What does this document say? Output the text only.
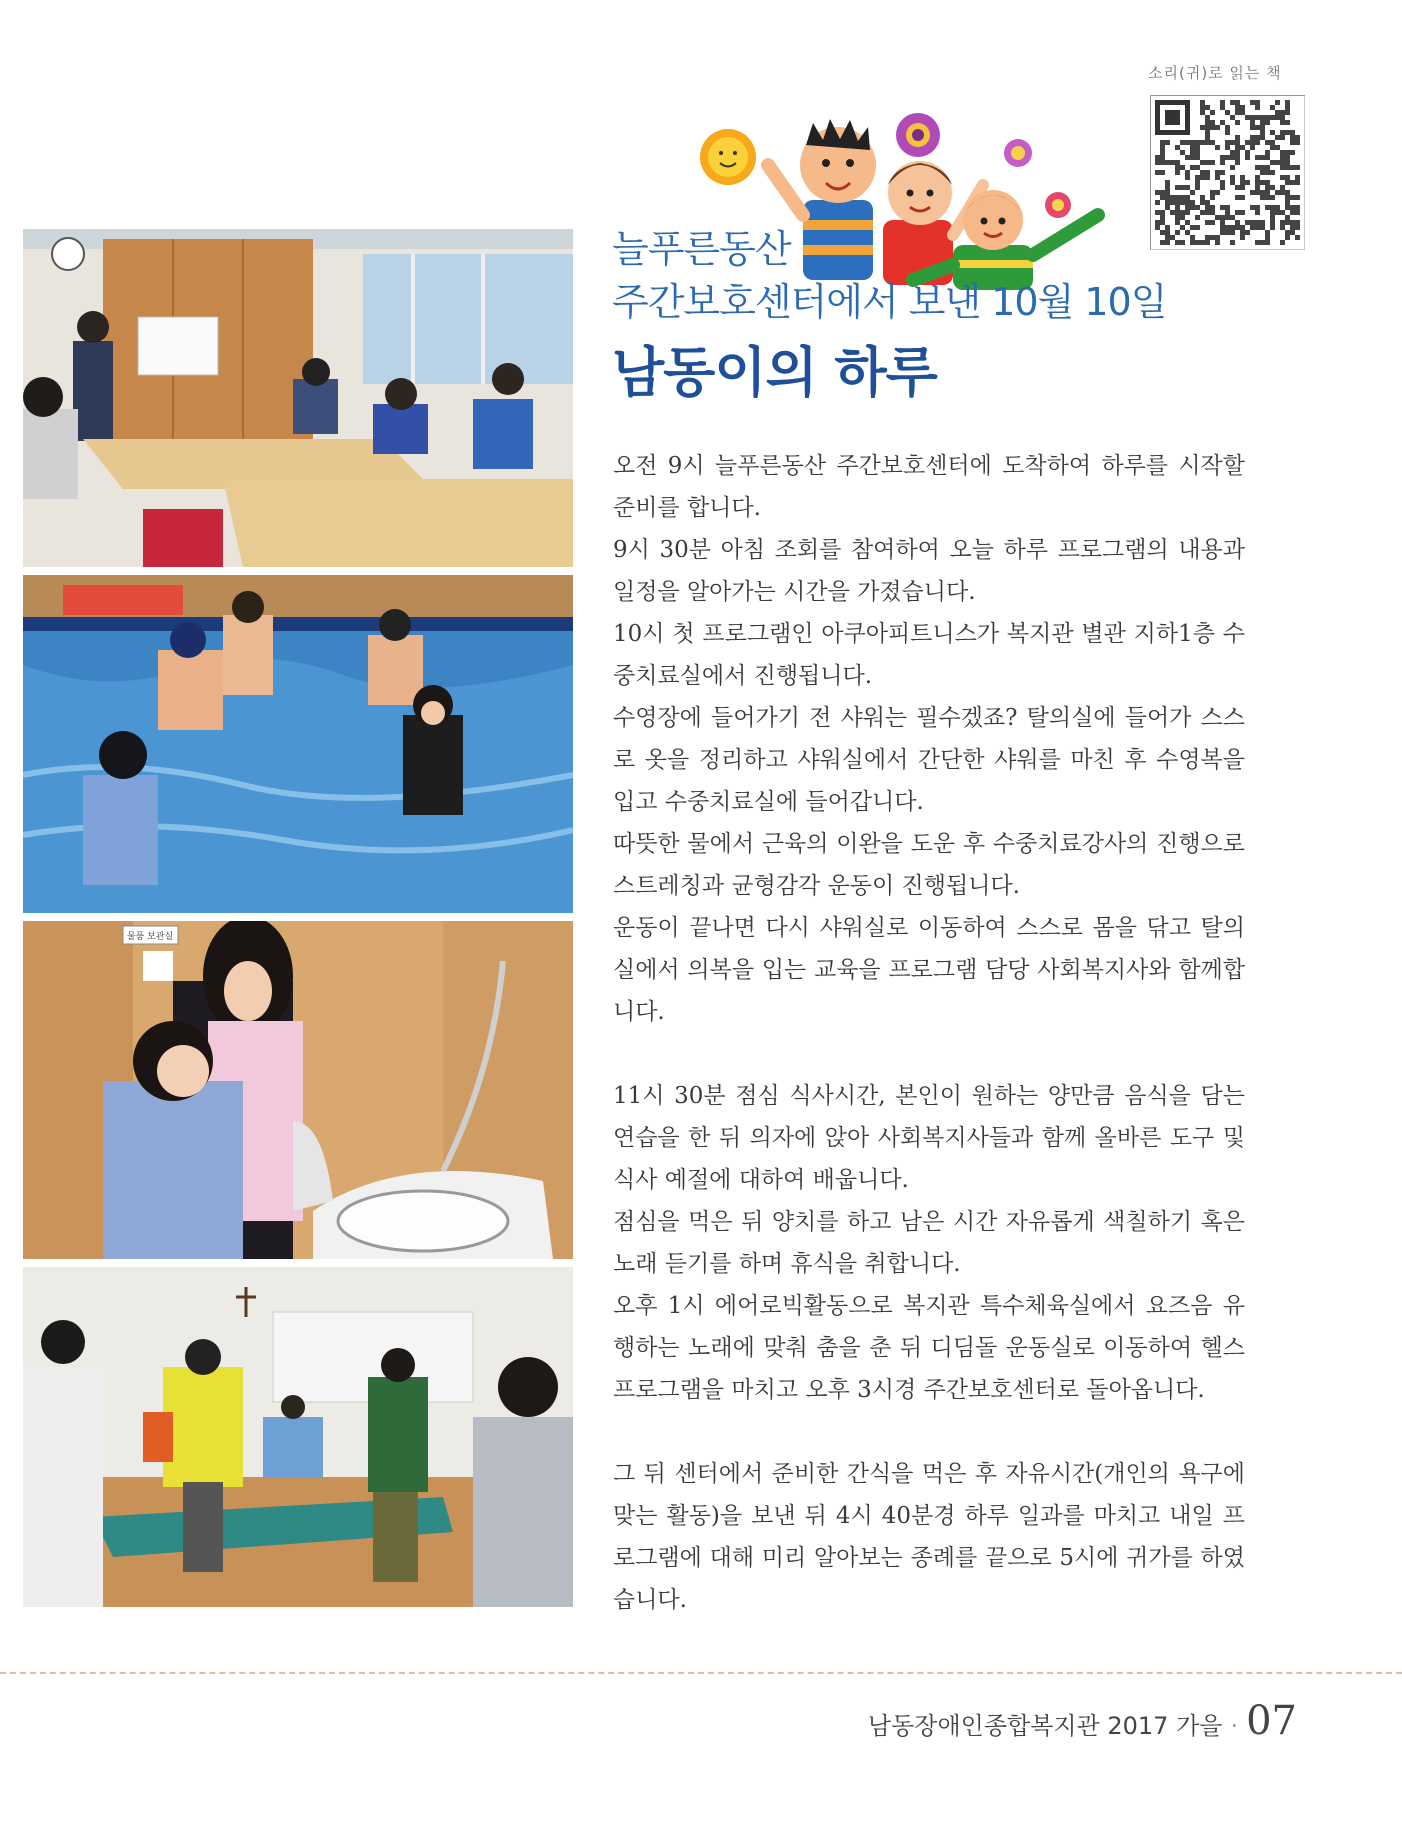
소리(귀)로 읽는 책
늘푸른동산
주간보호센터에서 보낸 10월 10일
남동이의 하루
물품 보관실

오전 9시 늘푸른동산 주간보호센터에 도착하여 하루를 시작할 준비를 합니다.

9시 30분 아침 조회를 참여하여 오늘 하루 프로그램의 내용과 일정을 알아가는 시간을 가졌습니다.

10시 첫 프로그램인 아쿠아피트니스가 복지관 별관 지하1층 수중치료실에서 진행됩니다.

수영장에 들어가기 전 샤워는 필수겠죠? 탈의실에 들어가 스스로 옷을 정리하고 샤워실에서 간단한 샤워를 마친 후 수영복을 입고 수중치료실에 들어갑니다.

따뜻한 물에서 근육의 이완을 도운 후 수중치료강사의 진행으로 스트레칭과 균형감각 운동이 진행됩니다.

운동이 끝나면 다시 샤워실로 이동하여 스스로 몸을 닦고 탈의실에서 의복을 입는 교육을 프로그램 담당 사회복지사와 함께합니다.

11시 30분 점심 식사시간, 본인이 원하는 양만큼 음식을 담는 연습을 한 뒤 의자에 앉아 사회복지사들과 함께 올바른 도구 및 식사 예절에 대하여 배웁니다.

점심을 먹은 뒤 양치를 하고 남은 시간 자유롭게 색칠하기 혹은 노래 듣기를 하며 휴식을 취합니다.

오후 1시 에어로빅활동으로 복지관 특수체육실에서 요즈음 유행하는 노래에 맞춰 춤을 춘 뒤 디딤돌 운동실로 이동하여 헬스 프로그램을 마치고 오후 3시경 주간보호센터로 돌아옵니다.

그 뒤 센터에서 준비한 간식을 먹은 후 자유시간(개인의 욕구에 맞는 활동)을 보낸 뒤 4시 40분경 하루 일과를 마치고 내일 프로그램에 대해 미리 알아보는 종례를 끝으로 5시에 귀가를 하였습니다.

남동장애인종합복지관 2017 가을 · 07
